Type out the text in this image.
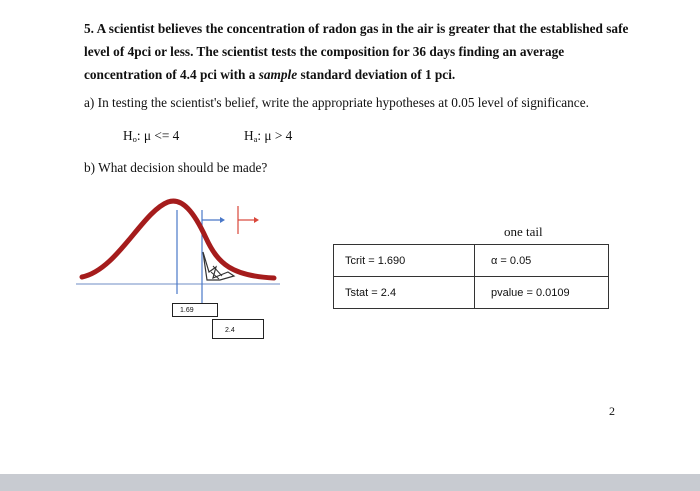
5. A scientist believes the concentration of radon gas in the air is greater that the established safe level of 4pci or less. The scientist tests the composition for 36 days finding an average concentration of 4.4 pci with a sample standard deviation of 1 pci.
a) In testing the scientist's belief, write the appropriate hypotheses at 0.05 level of significance.
$H_o$: μ <= 4	$H_a$: μ > 4
b) What decision should be made?
1.69
2.4
one tail
Tcrit = 1.690	α = 0.05
Tstat = 2.4	pvalue = 0.0109
2
